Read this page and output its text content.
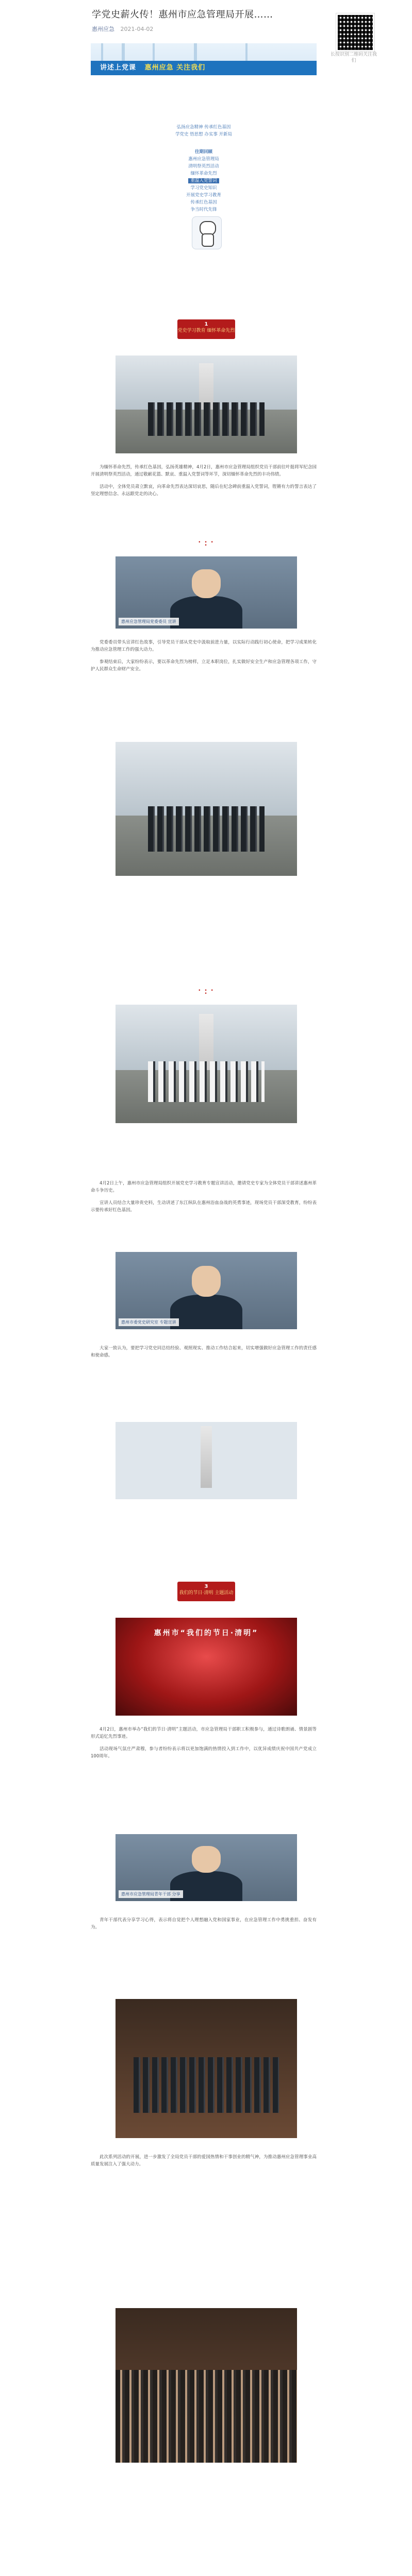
学党史薪火传！惠州市应急管理局开展……
惠州应急 2021-04-02
长按识别二维码关注我们
讲述上党课 惠州应急 关注我们
弘扬应急精神 传承红色基因
学党史 悟思想 办实事 开新局
往期回顾
惠州应急管理局
清明祭英烈活动
缅怀革命先烈
重温入党誓词
学习党史知识
开展党史学习教育
传承红色基因
争当时代先锋
1
党史学习教育 缅怀革命先烈

为缅怀革命先烈，传承红色基因，弘扬英雄精神，4月2日，惠州市应急管理局组织党员干部前往叶挺将军纪念园开展清明祭英烈活动，通过敬献花篮、默哀、重温入党誓词等环节，深切缅怀革命先烈的丰功伟绩。

活动中，全体党员肃立默哀，向革命先烈表达深切哀思，随后在纪念碑前重温入党誓词，铿锵有力的誓言表达了坚定理想信念、永远跟党走的决心。

• • • •
惠州应急管理局党委委员 宣讲

党委委员带头宣讲红色故事，引导党员干部从党史中汲取前进力量，以实际行动践行初心使命，把学习成果转化为推动应急管理工作的强大动力。

参观结束后，大家纷纷表示，要以革命先烈为榜样，立足本职岗位，扎实做好安全生产和应急管理各项工作，守护人民群众生命财产安全。

• • • •

4月2日上午，惠州市应急管理局组织开展党史学习教育专题宣讲活动，邀请党史专家为全体党员干部讲述惠州革命斗争历史。

宣讲人员结合大量珍贵史料，生动讲述了东江纵队在惠州浴血奋战的英勇事迹，现场党员干部深受教育，纷纷表示要传承好红色基因。

惠州市委党史研究室 专题宣讲

大家一致认为，要把学习党史同总结经验、观照现实、推动工作结合起来，切实增强做好应急管理工作的责任感和使命感。

3
我们的节日·清明 主题活动
惠州市“我们的节日·清明”

4月2日，惠州市举办“我们的节日·清明”主题活动，市应急管理局干部职工积极参与，通过诗歌朗诵、情景剧等形式追忆先烈事迹。

活动现场气氛庄严肃穆，参与者纷纷表示将以更加饱满的热情投入到工作中，以优异成绩庆祝中国共产党成立100周年。

惠州市应急管理局青年干部 分享

青年干部代表分享学习心得，表示将自觉把个人理想融入党和国家事业，在应急管理工作中勇挑重担、奋发有为。

此次系列活动的开展，进一步激发了全局党员干部的爱国热情和干事创业的精气神，为推动惠州应急管理事业高质量发展注入了强大动力。
